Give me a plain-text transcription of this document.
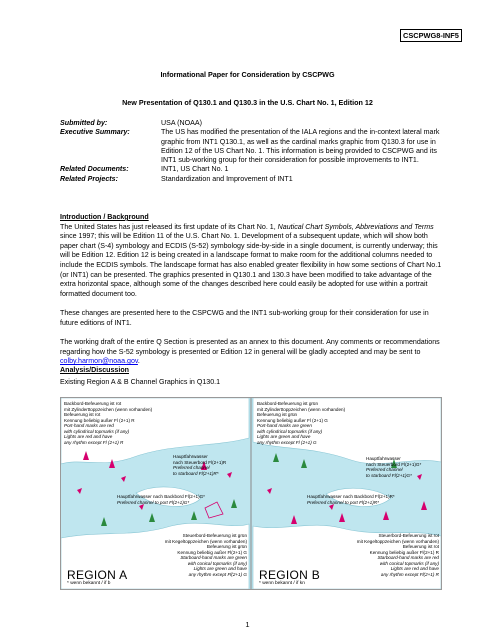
CSCPWG8-INF5
Informational Paper for Consideration by CSCPWG
New Presentation of Q130.1 and Q130.3 in the U.S. Chart No. 1, Edition 12
Submitted by:	USA (NOAA)
Executive Summary:	The US has modified the presentation of the IALA regions and the in-context lateral mark graphic from INT1 Q130.1, as well as the cardinal marks graphic from Q130.3 for use in Edition 12 of the US Chart No. 1. This information is being provided to CSCPWG and its INT1 sub-working group for their consideration for possible improvements to INT1.
Related Documents:	INT1, US Chart No. 1
Related Projects:	Standardization and Improvement of INT1
Introduction / Background
The United States has just released its first update of its Chart No. 1, Nautical Chart Symbols, Abbreviations and Terms since 1997; this will be Edition 11 of the U.S. Chart No. 1. Development of a subsequent update, which will show both paper chart (S-4) symbology and ECDIS (S-52) symbology side-by-side in a single document, is currently underway; this will be Edition 12. Edition 12 is being created in a landscape format to make room for the additional columns needed to include the ECDIS symbols. The landscape format has also enabled greater flexibility in how some sections of Chart No.1 (or INT1) can be presented. The graphics presented in Q130.1 and 130.3 have been modified to take advantage of the extra horizontal space, although some of the changes described here could easily be adopted for use within a portrait formatted document too.
These changes are presented here to the CSPCWG and the INT1 sub-working group for their consideration for use in future editions of INT1.
The working draft of the entire Q Section is presented as an annex to this document. Any comments or recommendations regarding how the S-52 symbology is presented or Edition 12 in general will be gladly accepted and may be sent to colby.harmon@noaa.gov.
Analysis/Discussion
Existing Region A & B Channel Graphics in Q130.1
Backbord-Befeuerung ist rot
mit Zylinderttoppzeichen (wenn vorhanden)
Befeuerung ist rot
Kennung beliebig außer Fl (2+1) R
Port-hand marks are red
with cylindrical topmarks (if any)
Lights are red and have
any rhythm except Fl (2+1) R
Backbord-Befeuerung ist grün
mit Zylinderttoppzeichen (wenn vorhanden)
Befeuerung ist grün
Kennung beliebig außer Fl (2+1) G
Port-hand marks are green
with cylindrical topmarks (if any)
Lights are green and have
any rhythm except Fl (2+1) G
Hauptfahrwasser
nach Steuerbord Fl(2+1)R
Preferred channel
to starboard Fl(2+1)R*
Hauptfahrwasser
nach Steuerbord Fl(2+1)G*
Preferred channel
to starboard Fl(2+1)G*
Hauptfahrwasser nach Backbord Fl(2+1)G*
Preferred channel to port Fl(2+1)G*
Hauptfahrwasser nach Backbord Fl(2+1)R*
Preferred channel to port Fl(2+1)R*
Steuerbord-Befeuerung ist grün
mit Kegeltoppzeichen (wenn vorhanden)
Befeuerung ist grün
Kennung beliebig außer Fl(2+1) G
Starboard-hand marks are green
with conical topmarks (if any)
Lights are green and have
any rhythm except Fl(2+1) G
Steuerbord-Befeuerung ist rot
mit Kegeltoppzeichen (wenn vorhanden)
Befeuerung ist rot
Kennung beliebig außer Fl(2+1) R
Starboard-hand marks are red
with conical topmarks (if any)
Lights are red and have
any rhythm except Fl(2+1) R
REGION A
* wenn bekannt / if b
REGION B
* wenn bekannt / if kn
1
